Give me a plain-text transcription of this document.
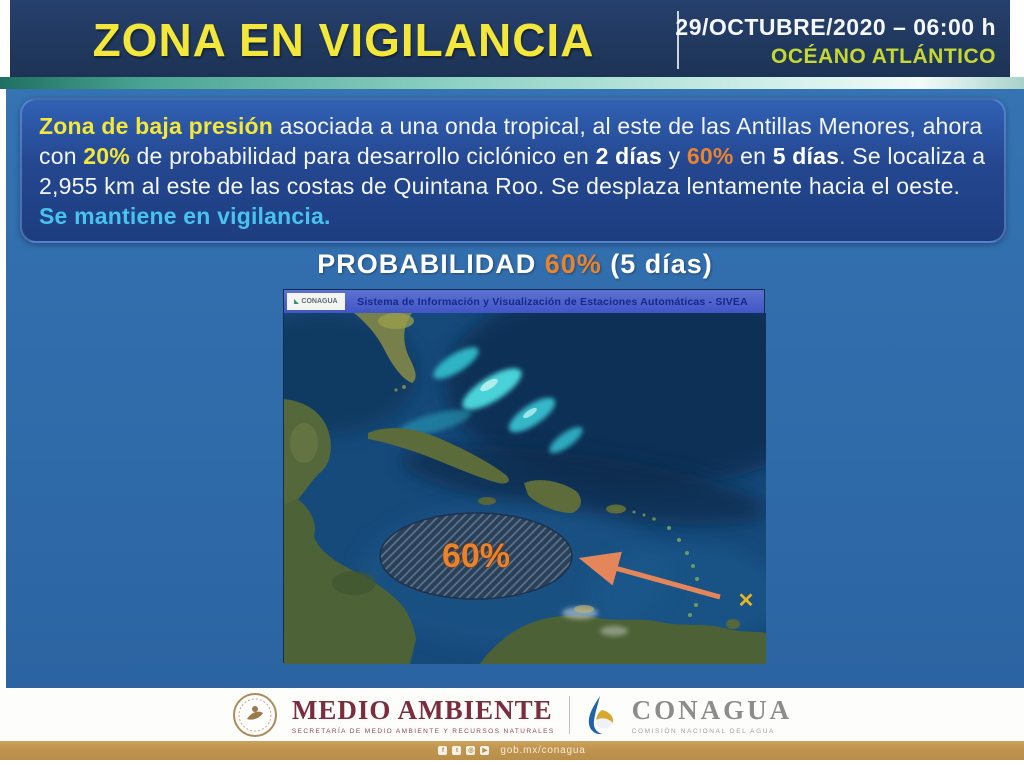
ZONA EN VIGILANCIA	29/OCTUBRE/2020 – 06:00 h
OCÉANO ATLÁNTICO

Zona de baja presión asociada a una onda tropical, al este de las Antillas Menores, ahora con 20% de probabilidad para desarrollo ciclónico en 2 días y 60% en 5 días. Se localiza a 2,955 km al este de las costas de Quintana Roo. Se desplaza lentamente hacia el oeste. Se mantiene en vigilancia.

PROBABILIDAD 60% (5 días)
CONAGUA	Sistema de Información y Visualización de Estaciones Automáticas - SIVEA
60%
✕
MEDIO AMBIENTE
SECRETARÍA DE MEDIO AMBIENTE Y RECURSOS NATURALES
CONAGUA
COMISIÓN NACIONAL DEL AGUA
f	t	◎	▶ gob.mx/conagua
